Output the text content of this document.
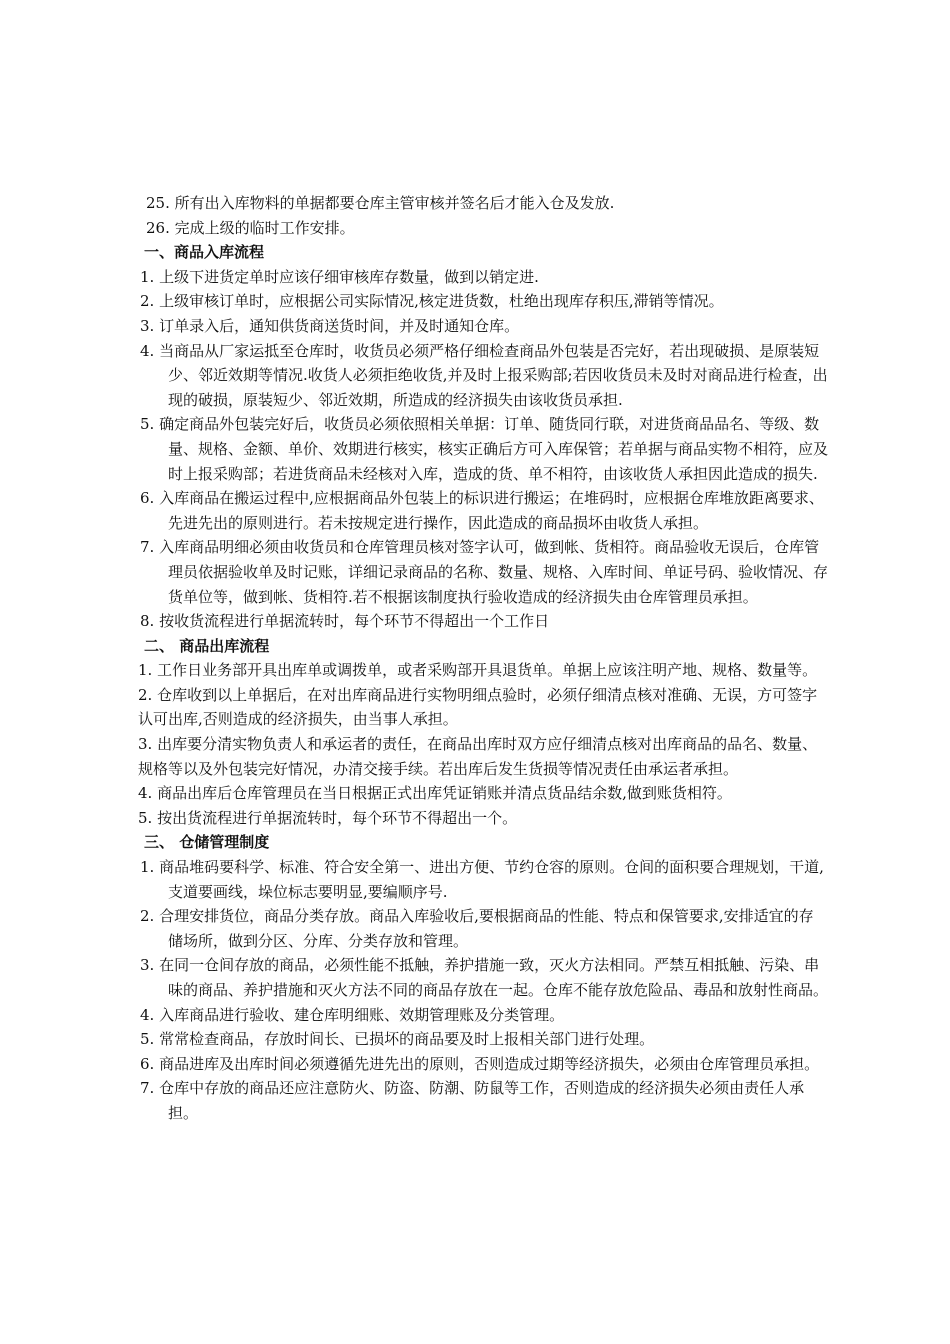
25. 所有出入库物料的单据都要仓库主管审核并签名后才能入仓及发放.

26. 完成上级的临时工作安排。

一、商品入库流程

1. 上级下进货定单时应该仔细审核库存数量，做到以销定进.

2. 上级审核订单时，应根据公司实际情况,核定进货数，杜绝出现库存积压,滞销等情况。

3. 订单录入后，通知供货商送货时间，并及时通知仓库。

4. 当商品从厂家运抵至仓库时，收货员必须严格仔细检查商品外包装是否完好，若出现破损、是原装短少、邻近效期等情况.收货人必须拒绝收货,并及时上报采购部;若因收货员未及时对商品进行检查，出现的破损，原装短少、邻近效期，所造成的经济损失由该收货员承担.

5. 确定商品外包装完好后，收货员必须依照相关单据：订单、随货同行联，对进货商品品名、等级、数量、规格、金额、单价、效期进行核实，核实正确后方可入库保管；若单据与商品实物不相符，应及时上报采购部；若进货商品未经核对入库，造成的货、单不相符，由该收货人承担因此造成的损失.

6. 入库商品在搬运过程中,应根据商品外包装上的标识进行搬运；在堆码时，应根据仓库堆放距离要求、先进先出的原则进行。若未按规定进行操作，因此造成的商品损坏由收货人承担。

7. 入库商品明细必须由收货员和仓库管理员核对签字认可，做到帐、货相符。商品验收无误后，仓库管理员依据验收单及时记账，详细记录商品的名称、数量、规格、入库时间、单证号码、验收情况、存货单位等，做到帐、货相符.若不根据该制度执行验收造成的经济损失由仓库管理员承担。

8. 按收货流程进行单据流转时，每个环节不得超出一个工作日

二、 商品出库流程

1. 工作日业务部开具出库单或调拨单，或者采购部开具退货单。单据上应该注明产地、规格、数量等。

2. 仓库收到以上单据后，在对出库商品进行实物明细点验时，必须仔细清点核对准确、无误，方可签字认可出库,否则造成的经济损失，由当事人承担。

3. 出库要分清实物负责人和承运者的责任，在商品出库时双方应仔细清点核对出库商品的品名、数量、规格等以及外包装完好情况，办清交接手续。若出库后发生货损等情况责任由承运者承担。

4. 商品出库后仓库管理员在当日根据正式出库凭证销账并清点货品结余数,做到账货相符。

5. 按出货流程进行单据流转时，每个环节不得超出一个。

三、 仓储管理制度

1. 商品堆码要科学、标准、符合安全第一、进出方便、节约仓容的原则。仓间的面积要合理规划，干道,支道要画线，垛位标志要明显,要编顺序号.

2. 合理安排货位，商品分类存放。商品入库验收后,要根据商品的性能、特点和保管要求,安排适宜的存储场所，做到分区、分库、分类存放和管理。

3. 在同一仓间存放的商品，必须性能不抵触，养护措施一致，灭火方法相同。严禁互相抵触、污染、串味的商品、养护措施和灭火方法不同的商品存放在一起。仓库不能存放危险品、毒品和放射性商品。

4. 入库商品进行验收、建仓库明细账、效期管理账及分类管理。

5. 常常检查商品，存放时间长、已损坏的商品要及时上报相关部门进行处理。

6. 商品进库及出库时间必须遵循先进先出的原则，否则造成过期等经济损失，必须由仓库管理员承担。

7. 仓库中存放的商品还应注意防火、防盗、防潮、防鼠等工作，否则造成的经济损失必须由责任人承担。
